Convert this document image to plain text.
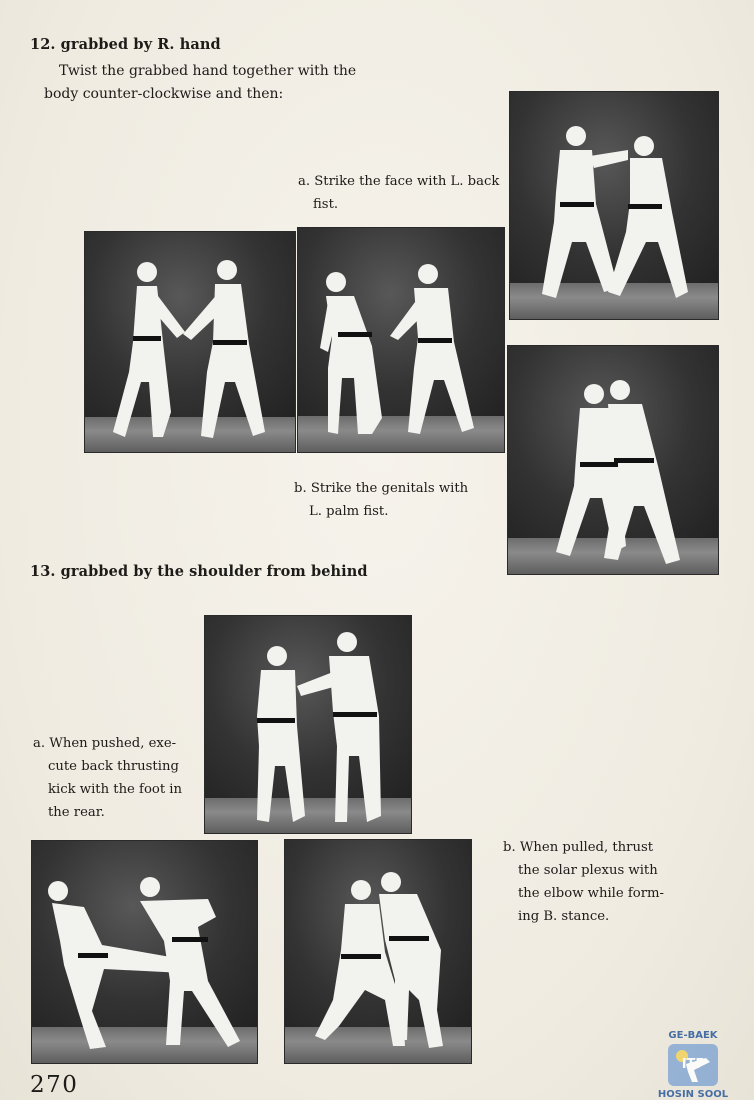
12. grabbed by R. hand
Twist the grabbed hand together with the
body counter-clockwise and then:
a. Strike the face with L. back
fist.
b. Strike the genitals with
L. palm fist.
13. grabbed by the shoulder from behind
a. When pushed, exe-
cute back thrusting
kick with the foot in
the rear.
b. When pulled, thrust
the solar plexus with
the elbow while form-
ing B. stance.
270
GE-BAEK
ITF
HOSIN SOOL
